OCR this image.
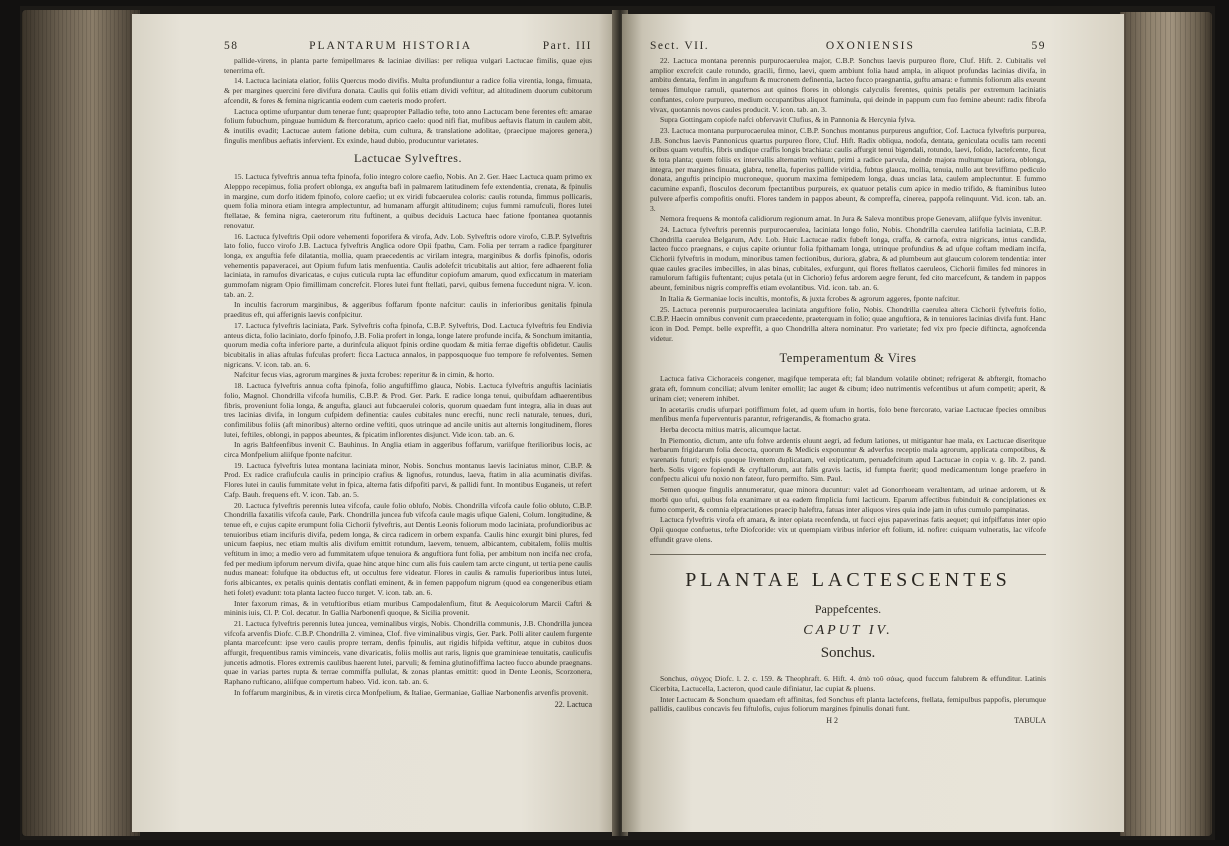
58	PLANTARUM HISTORIA	Part. III

pallide-virens, in planta parte femipellmares & laciniae divilias: per reliqua vulgari Lactucae fimilis, quae ejus tenerrima eft.

14. Lactuca laciniata elatior, foliis Quercus modo divifis. Multa profundiuntur a radice folia virentia, longa, fimuata, & per margines quercini fere divifura donata. Caulis qui foliis etiam dividi veftitur, ad altitudinem duorum cubitorum afcendit, & fores & femina nigricantia eodem cum caeteris modo profert.

Lactuca optime ufurpantur dum tenerae funt; quapropter Palladio tefte, toto anno Lactucam bene ferentes eft: amarae folium fubuchum, pinguae humidum & ftercoratum, aprico caelo: quod nifi fiat, mufibus aeftavis flatum in caulem abit, & inutilis evadit; Lactucae autem fatione debita, cum cultura, & translatione adolitae, (praecipue majores genera,) fingulis menfibus aeftatis infervient. Ex exinde, haud dubio, producuntur varietates.

Lactucae Sylveftres.

15. Lactuca fylveftris annua tefta fpinofa, folio integro colore caefio, Nobis. An 2. Ger. Haec Lactuca quam primo ex Alepppo recepimus, folia profert oblonga, ex angufta bafi in palmarem latitudinem fefe extendentia, crenata, & fpinulis in margine, cum dorfo itidem fpinofo, colore caefio; ut ex viridi fubcaerulea coloris: caulis rotunda, fimmus pollicaris, quem folia minora etiam integra amplectuntur, ad humanam affurgit altitudinem; cujus fummi ramufculi, flores lutei ftellatae, & femina nigra, caeterorum ritu fuftinent, a quibus deciduis Lactuca haec fatione fpontanea quotannis renovatur.

16. Lactuca fylveftris Opii odore vehementi foporifera & virofa, Adv. Lob. Sylveftris odore virofo, C.B.P. Sylveftris lato folio, fucco virofo J.B. Lactuca fylveftris Anglica odore Opii fpathu, Cam. Folia per terram a radice fpargiturer longa, ex anguftia fefe dilatantia, mollia, quam praecedentis ac virilam integra, marginibus & dorfis fpinofis, odoris vehementis papaveracei, aut Opium fufum latis menfuentia. Caulis adolefcit tricubitalis aut altior, fere adhaerent folia laciniata, in ramufos divaricatas, e cujus cuticula rupta lac effunditur copiofum amarum, quod exficcatum in materiam gummofam nigram Opio fimillimam concrefcit. Flores lutei funt ftellati, parvi, quibus femena fuccedunt nigra. V. icon. tab. an. 2.

In incultis facrorum marginibus, & aggeribus foffarum fponte nafcitur: caulis in inferioribus genitalis fpinula praeditus eft, qui afferignis laevis confpicitur.

17. Lactuca fylveftris laciniata, Park. Sylveftris cofta fpinofa, C.B.P. Sylveftris, Dod. Lactuca fylveftris feu Endivia anteus dicta, folio laciniato, dorfo fpinofo, J.B. Folia profert in longa, longe latere profunde incifa, & Sonchum imitantia, quorum media cofta inferiore parte, a durinfcula aliquot fpinis ordine quodam & mitia ferrae digeftis obfidetur. Caulis bicubitalis in alias aftulas fufculas profert: ficca Lactuca annalos, in papposquoque fuo tempore fe refolventes. Semen nigricans. V. icon. tab. an. 6.

Nafcitur fecus vias, agrorum margines & juxta fcrobes: reperitur & in cimin, & horto.

18. Lactuca fylveftris annua cofta fpinofa, folio anguftiffimo glauca, Nobis. Lactuca fylveftris anguftis laciniatis folio, Magnol. Chondrilla vifcofa humilis, C.B.P. & Prod. Ger. Park. E radice longa tenui, quibufdam adhaerentibus fibris, proveniunt folia longa, & angufta, glauci aut fubcaerulei coloris, quorum quaedam funt integra, alia in duas aut tres lacinias divifa, in longum cufpidem definentia: caules cubitales nunc erecfti, nunc recli naturale, tenues, duri, confimilibus foliis (aft minoribus) alterno ordine veftiti, quos utrinque ad ancile unitis aut alternis longitudinem, flores lutei, feftiles, oblongi, in pappos abeuntes, & fpicatim inflorentes disjunct. Vide icon. tab. an. 6.

In agris Baltfeenfibus invenit C. Bauhinus. In Anglia etiam in aggeribus foffarum, variifque fterilioribus locis, ac circa Monfpelium aliifque fponte nafcitur.

19. Lactuca fylveftris lutea montana laciniata minor, Nobis. Sonchus montanus laevis laciniatus minor, C.B.P. & Prod. Ex radice crafiufcula caulis in principio crafius & lignofus, rotundus, laeva, ftatim in alia acuminatis divifas. Flores lutei in caulis fummitate velut in fpica, alterna fatis difpofiti parvi, & pallidi funt. In montibus Euganeis, ut refert Cafp. Bauh. frequens eft. V. icon. Tab. an. 5.

20. Lactuca fylveftris perennis lutea vifcofa, caule folio oblufo, Nobis. Chondrilla vifcofa caule folio obluto, C.B.P. Chondrilla faxatilis vifcofa caule, Park. Chondrilla juncea fub vifcofa caule magis ufique Galeni, Colum. longitudine, & tenue eft, e cujus capite erumpunt folia Cichorii fylveftris, aut Dentis Leonis foliorum modo laciniata, profundioribus ac tenuioribus etiam incifuris divifa, pedem longa, & circa radicem in orbem expanfa. Caulis hinc exurgit bini plures, fed unicum faepius, nec etiam multis alis divifum emittit rotundum, laevem, tenuem, albicantem, cubitalem, foliis multis veftitum in imo; a medio vero ad fummitatem ufque tenuiora & anguftiora funt folia, per ambitum non incifa nec crofa, fed per medium ipforum nervum divifa, quae hinc atque hinc cum alis fuis caulem tam arcte cingunt, ut tertia pene caulis nudus maneat: folufque ita obductus eft, ut occultus fere videatur. Flores in caulis & ramulis fuperioribus intus lutei, foris albicantes, ex petalis quinis dentatis conflati eminent, & in femen pappofum nigrum (quod ea congeneribus etiam heti folet) evadunt: tota planta lacteo fucco turget. V. icon. tab. an. 6.

Inter faxorum rimas, & in vetuftioribus etiam muribus Campodalenfium, fitut & Aequicolorum Marcii Caftri & mininis iuis, Cl. P. Col. decatur. In Gallia Narbonenfi quoque, & Sicilia provenit.

21. Lactuca fylveftris perennis lutea juncea, veminalibus virgis, Nobis. Chondrilla communis, J.B. Chondrilla juncea vifcofa arvenfis Diofc. C.B.P. Chondrilla 2. viminea, Clof. five viminalibus virgis, Ger. Park. Polli aliter caulem furgente planta marcefcunt: ipse vero caulis propre terram, denfis fpinulis, aut rigidis hifpida veftitur, atque in cubitos duos affurgit, frequentibus ramis viminceis, vane divaricatis, foliis mollis aut raris, lignis que graminieae tenuitatis, caulicufis juncetis admotis. Flores extremis caulibus haerent lutei, parvuli; & femina glutinofiffima lacteo fucco abunde praegnans. quae in varias partes rupta & terrae commiffa pullulat, & zonas plantas emittit: quod in Dente Leonis, Scorzonera, Raphano rufticano, aliifque compertum habeo. Vid. icon. tab. an. 6.

In foffarum marginibus, & in viretis circa Monfpelium, & Italiae, Germaniae, Galliae Narbonenfis arvenfis provenit.

22. Lactuca
Sect. VII.	OXONIENSIS	59

22. Lactuca montana perennis purpurocaerulea major, C.B.P. Sonchus laevis purpureo flore, Cluf. Hift. 2. Cubitalis vel amplior excrefcit caule rotundo, gracili, firmo, laevi, quem ambiunt folia haud ampla, in aliquot profundas lacinias divifa, in ambitu dentata, fenfim in anguftum & mucronem definentia, lacteo fucco praegnantia, guftu amara: e fummis foliorum alis exeunt tenues fimulque ramuli, quaternos aut quinos flores in oblongis calyculis ferentes, quinis petalis per extremum laciniatis conftantes, colore purpureo, medium occupantibus aliquot ftaminula, qui deinde in pappum cum fuo femine abeunt: radix fibrofa vivax, quotannis novos caules producit. V. icon. tab. an. 3.

Supra Gottingam copiofe nafci obfervavit Clufius, & in Pannonia & Hercynia fylva.

23. Lactuca montana purpurocaerulea minor, C.B.P. Sonchus montanus purpureus anguftior, Cof. Lactuca fylveftris purpurea, J.B. Sonchus laevis Pannonicus quartus purpureo flore, Cluf. Hift. Radix obliqua, nodofa, dentata, geniculata oculis tam recenti oribus quam vetuftis, fibris undique craffis longis brachiata: caulis affurgit tenui bigendali, rotundo, laevi, folido, lactefcente, ficut & tota planta; quem foliis ex intervallis alternatim veftiunt, primi a radice parvula, deinde majora multumque latiora, oblonga, integra, per margines finuata, glabra, tenella, fuperius pallide viridia, fubtus glauca, mollia, tenuia, nullo aut breviffimo pediculo donata, anguftis principio mucroneque, quorum maxima femipedem longa, duas uncias lata, caulem amplectuntur. E fummo cacumine expanfi, flosculos decorum fpectantibus purpureis, ex quatuor petalis cum apice in medio trifido, & ftaminibus luteo pulvere afperfis compofitis onufti. Flores tandem in pappos abeunt, & compreffa, cinerea, pappofa relinquunt. Vid. icon. tab. an. 3.

Nemora frequens & montofa calidiorum regionum amat. In Jura & Saleva montibus prope Genevam, aliifque fylvis invenitur.

24. Lactuca fylveftris perennis purpurocaerulea, laciniata longo folio, Nobis. Chondrilla caerulea latifolia laciniata, C.B.P. Chondrilla caerulea Belgarum, Adv. Lob. Huic Lactucae radix fubeft longa, craffa, & carnofa, extra nigricans, intus candida, lacteo fucco praegnans, e cujus capite oriuntur folia fpithamam longa, utrinque profundius & ad ufque coftam mediam incifa, Cichorii fylveftris in modum, minoribus tamen fectionibus, duriora, glabra, & ad plumbeum aut glaucum colorem tendentia: inter quae caules graciles imbecilles, in alas binas, cubitales, exfurgunt, qui flores ftellatos caeruleos, Cichorii fimiles fed minores in ramulorum faftigiis fuftentant; cujus petala (ut in Cichorio) fefus ardorem aegre ferunt, fed cito marcefcunt, & tandem in pappos abeunt, feminibus nigris compreffis etiam evolantibus. Vid. icon. tab. an. 6.

In Italia & Germaniae locis incultis, montofis, & juxta fcrobes & agrorum aggeres, fponte nafcitur.

25. Lactuca perennis purpurocaerulea laciniata anguftiore folio, Nobis. Chondrilla caerulea altera Cichorii fylveftris folio, C.B.P. Haecin omnibus convenit cum praecedente, praeterquam in folio; quae anguftiora, & in tenuiores lacinias divifa funt. Hanc icon in Dod. Pempt. belle expreffit, a quo Chondrilla altera nominatur. Pro varietate; fed vix pro fpecie diftincta, agnofcenda videtur.

Temperamentum & Vires

Lactuca fativa Cichoraceis congener, magifque temperata eft; fal blandum volatile obtinet; refrigerat & abftergit, ftomacho grata eft, fomnum conciliat; alvum leniter emollit; lac auget & cibum; ideo nutrimentis vefcentibus ut afum competit; aperit, & urinam ciet; venerem inhibet.

In acetariis crudis ufurpari potiffimum folet, ad quem ufum in hortis, folo bene ftercorato, variae Lactucae fpecies omnibus menfibus menfa fuperventuris parantur, refrigerandis, & ftomacho grata.

Herba decocta mitius matris, alicumque lactat.

In Piemontio, dictum, ante ufu fohve ardentis eluunt aegri, ad fedum lationes, ut mitigantur hae mala, ex Lactucae diseritque herbarum frigidarum folia decocta, quorum & Medicis exponuntur & adverfus receptio mala agrorum, applicata compotibus, & varenatis futuri; exfpis quoque liventem duplicatam, vel exipticatum, peruadefcitum apud Lactucae in copia v. g. lib. 2. pand. herb. Solis vigore fopiendi & cryftallorum, aut falis gravis lactis, id fumpta fuerit; quod medicamentum longe praefero in confpectu alicui ufu noxio non fateor, furo permifto. Sim. Paul.

Semen quoque fingulis annumeratur, quae minora ducuntur: valet ad Gonorrhoeam veraltentam, ad urinae ardorem, ut & morbi quo ufui, quibus fola exanimare ut ea eadem fimplicia fumi lacticum. Eparum affectibus fubinduit & conciplationes ex fumo comperit, & comnia elpractationes praecip haleftra, fatuas inter aliquos vires quia inde jam in ufus cumulo pampinatas.

Lactuca fylveftris virofa eft amara, & inter opiata recenfenda, ut fucci ejus papaverinas fatis aequet; qui infpiffatus inter opio Opii quoque confuetus, tefte Diofcoride: vix ut quempiam viribus inferior eft folium, id. nofire: cuiquam vulneratis, lac vifcofe effundit grave olens.

PLANTAE LACTESCENTES
Pappefcentes.
CAPUT IV.
Sonchus.

Sonchus, σόγχος Diofc. l. 2. c. 159. & Theophraft. 6. Hift. 4. ἀπὸ τοῦ σάως, quod fuccum falubrem & effunditur. Latinis Cicerbita, Lactucella, Lacteron, quod caule difiniatur, lac cupiat & pluens.

Inter Lactucam & Sonchum quaedam eft affinitas, fed Sonchus eft planta lactefcens, ftellata, femipulbus pappofis, plerumque pallidis, caulibus concavis feu fiftulofis, cujus foliorum margines fpinulis donati funt.

H 2	TABULA
